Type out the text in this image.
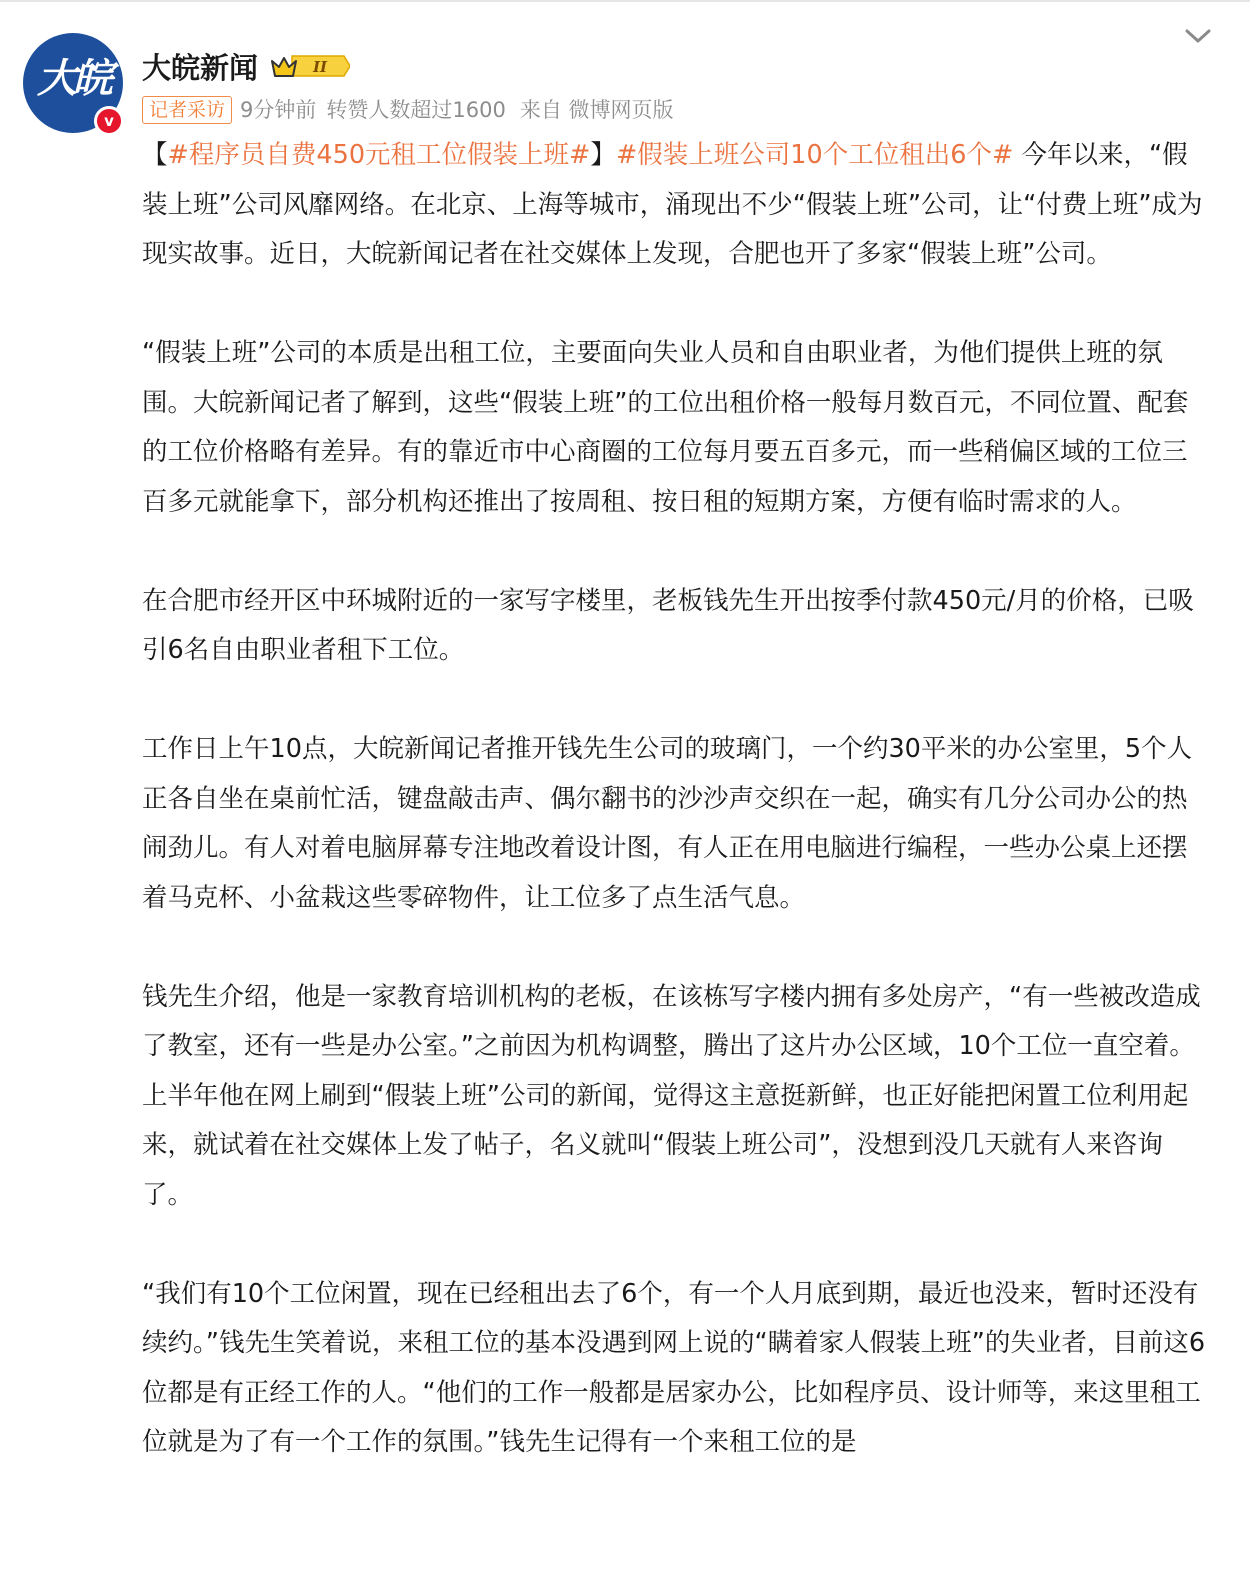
大皖
v
大皖新闻	II
记者采访 9分钟前 转赞人数超过1600 来自 微博网页版

【#程序员自费450元租工位假装上班#】#假装上班公司10个工位租出6个# 今年以来，“假装上班”公司风靡网络。在北京、上海等城市，涌现出不少“假装上班”公司，让“付费上班”成为现实故事。近日，大皖新闻记者在社交媒体上发现，合肥也开了多家“假装上班”公司。

“假装上班”公司的本质是出租工位，主要面向失业人员和自由职业者，为他们提供上班的氛围。大皖新闻记者了解到，这些“假装上班”的工位出租价格一般每月数百元，不同位置、配套的工位价格略有差异。有的靠近市中心商圈的工位每月要五百多元，而一些稍偏区域的工位三百多元就能拿下，部分机构还推出了按周租、按日租的短期方案，方便有临时需求的人。

在合肥市经开区中环城附近的一家写字楼里，老板钱先生开出按季付款450元/月的价格，已吸引6名自由职业者租下工位。

工作日上午10点，大皖新闻记者推开钱先生公司的玻璃门，一个约30平米的办公室里，5个人正各自坐在桌前忙活，键盘敲击声、偶尔翻书的沙沙声交织在一起，确实有几分公司办公的热闹劲儿。有人对着电脑屏幕专注地改着设计图，有人正在用电脑进行编程，一些办公桌上还摆着马克杯、小盆栽这些零碎物件，让工位多了点生活气息。

钱先生介绍，他是一家教育培训机构的老板，在该栋写字楼内拥有多处房产，“有一些被改造成了教室，还有一些是办公室。”之前因为机构调整，腾出了这片办公区域，10个工位一直空着。上半年他在网上刷到“假装上班”公司的新闻，觉得这主意挺新鲜，也正好能把闲置工位利用起来，就试着在社交媒体上发了帖子，名义就叫“假装上班公司”，没想到没几天就有人来咨询了。

“我们有10个工位闲置，现在已经租出去了6个，有一个人月底到期，最近也没来，暂时还没有续约。”钱先生笑着说，来租工位的基本没遇到网上说的“瞒着家人假装上班”的失业者，目前这6位都是有正经工作的人。“他们的工作一般都是居家办公，比如程序员、设计师等，来这里租工位就是为了有一个工作的氛围。”钱先生记得有一个来租工位的是
